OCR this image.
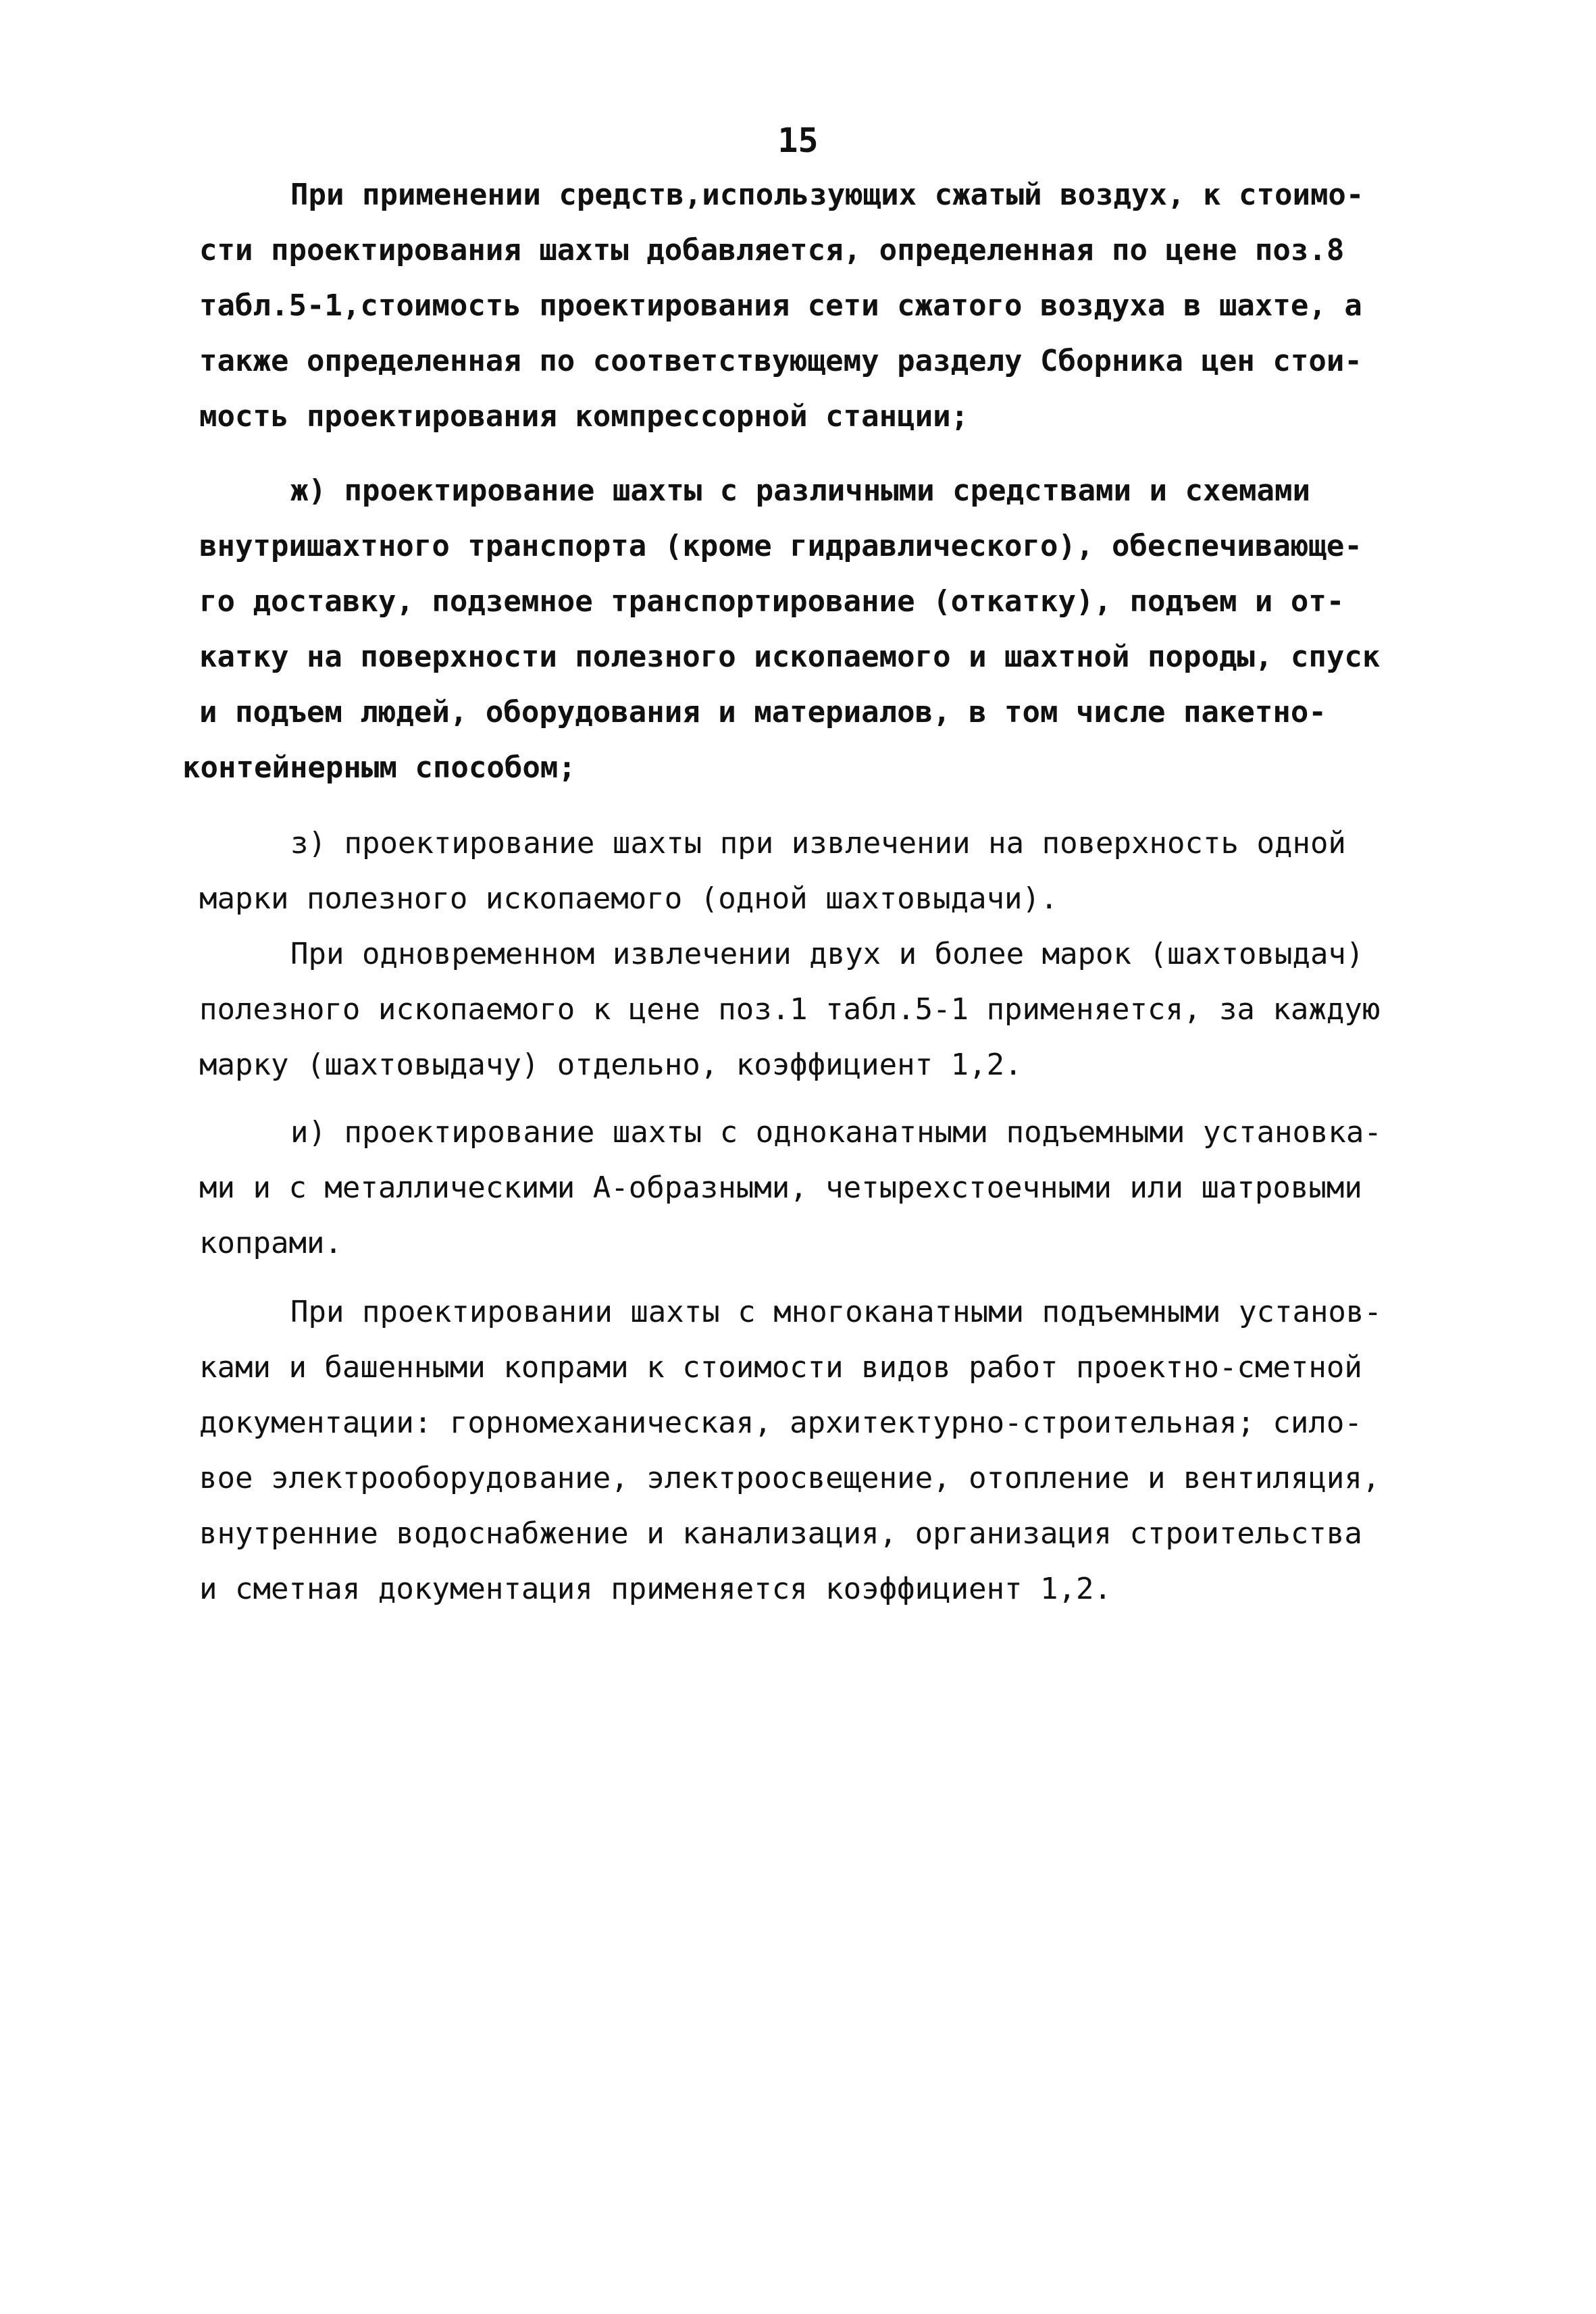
15
При применении средств,использующих сжатый воздух, к стоимо-
сти проектирования шахты добавляется, определенная по цене поз.8
табл.5-1,стоимость проектирования сети сжатого воздуха в шахте, а
также определенная по соответствующему разделу Сборника цен стои-
мость проектирования компрессорной станции;
ж) проектирование шахты с различными средствами и схемами
внутришахтного транспорта (кроме гидравлического), обеспечивающе-
го доставку, подземное транспортирование (откатку), подъем и от-
катку на поверхности полезного ископаемого и шахтной породы, спуск
и подъем людей, оборудования и материалов, в том числе пакетно-
контейнерным способом;
з) проектирование шахты при извлечении на поверхность одной
марки полезного ископаемого (одной шахтовыдачи).
При одновременном извлечении двух и более марок (шахтовыдач)
полезного ископаемого к цене поз.1 табл.5-1 применяется, за каждую
марку (шахтовыдачу) отдельно, коэффициент 1,2.
и) проектирование шахты с одноканатными подъемными установка-
ми и с металлическими А-образными, четырехстоечными или шатровыми
копрами.
При проектировании шахты с многоканатными подъемными установ-
ками и башенными копрами к стоимости видов работ проектно-сметной
документации: горномеханическая, архитектурно-строительная; сило-
вое электрооборудование, электроосвещение, отопление и вентиляция,
внутренние водоснабжение и канализация, организация строительства
и сметная документация применяется коэффициент 1,2.
